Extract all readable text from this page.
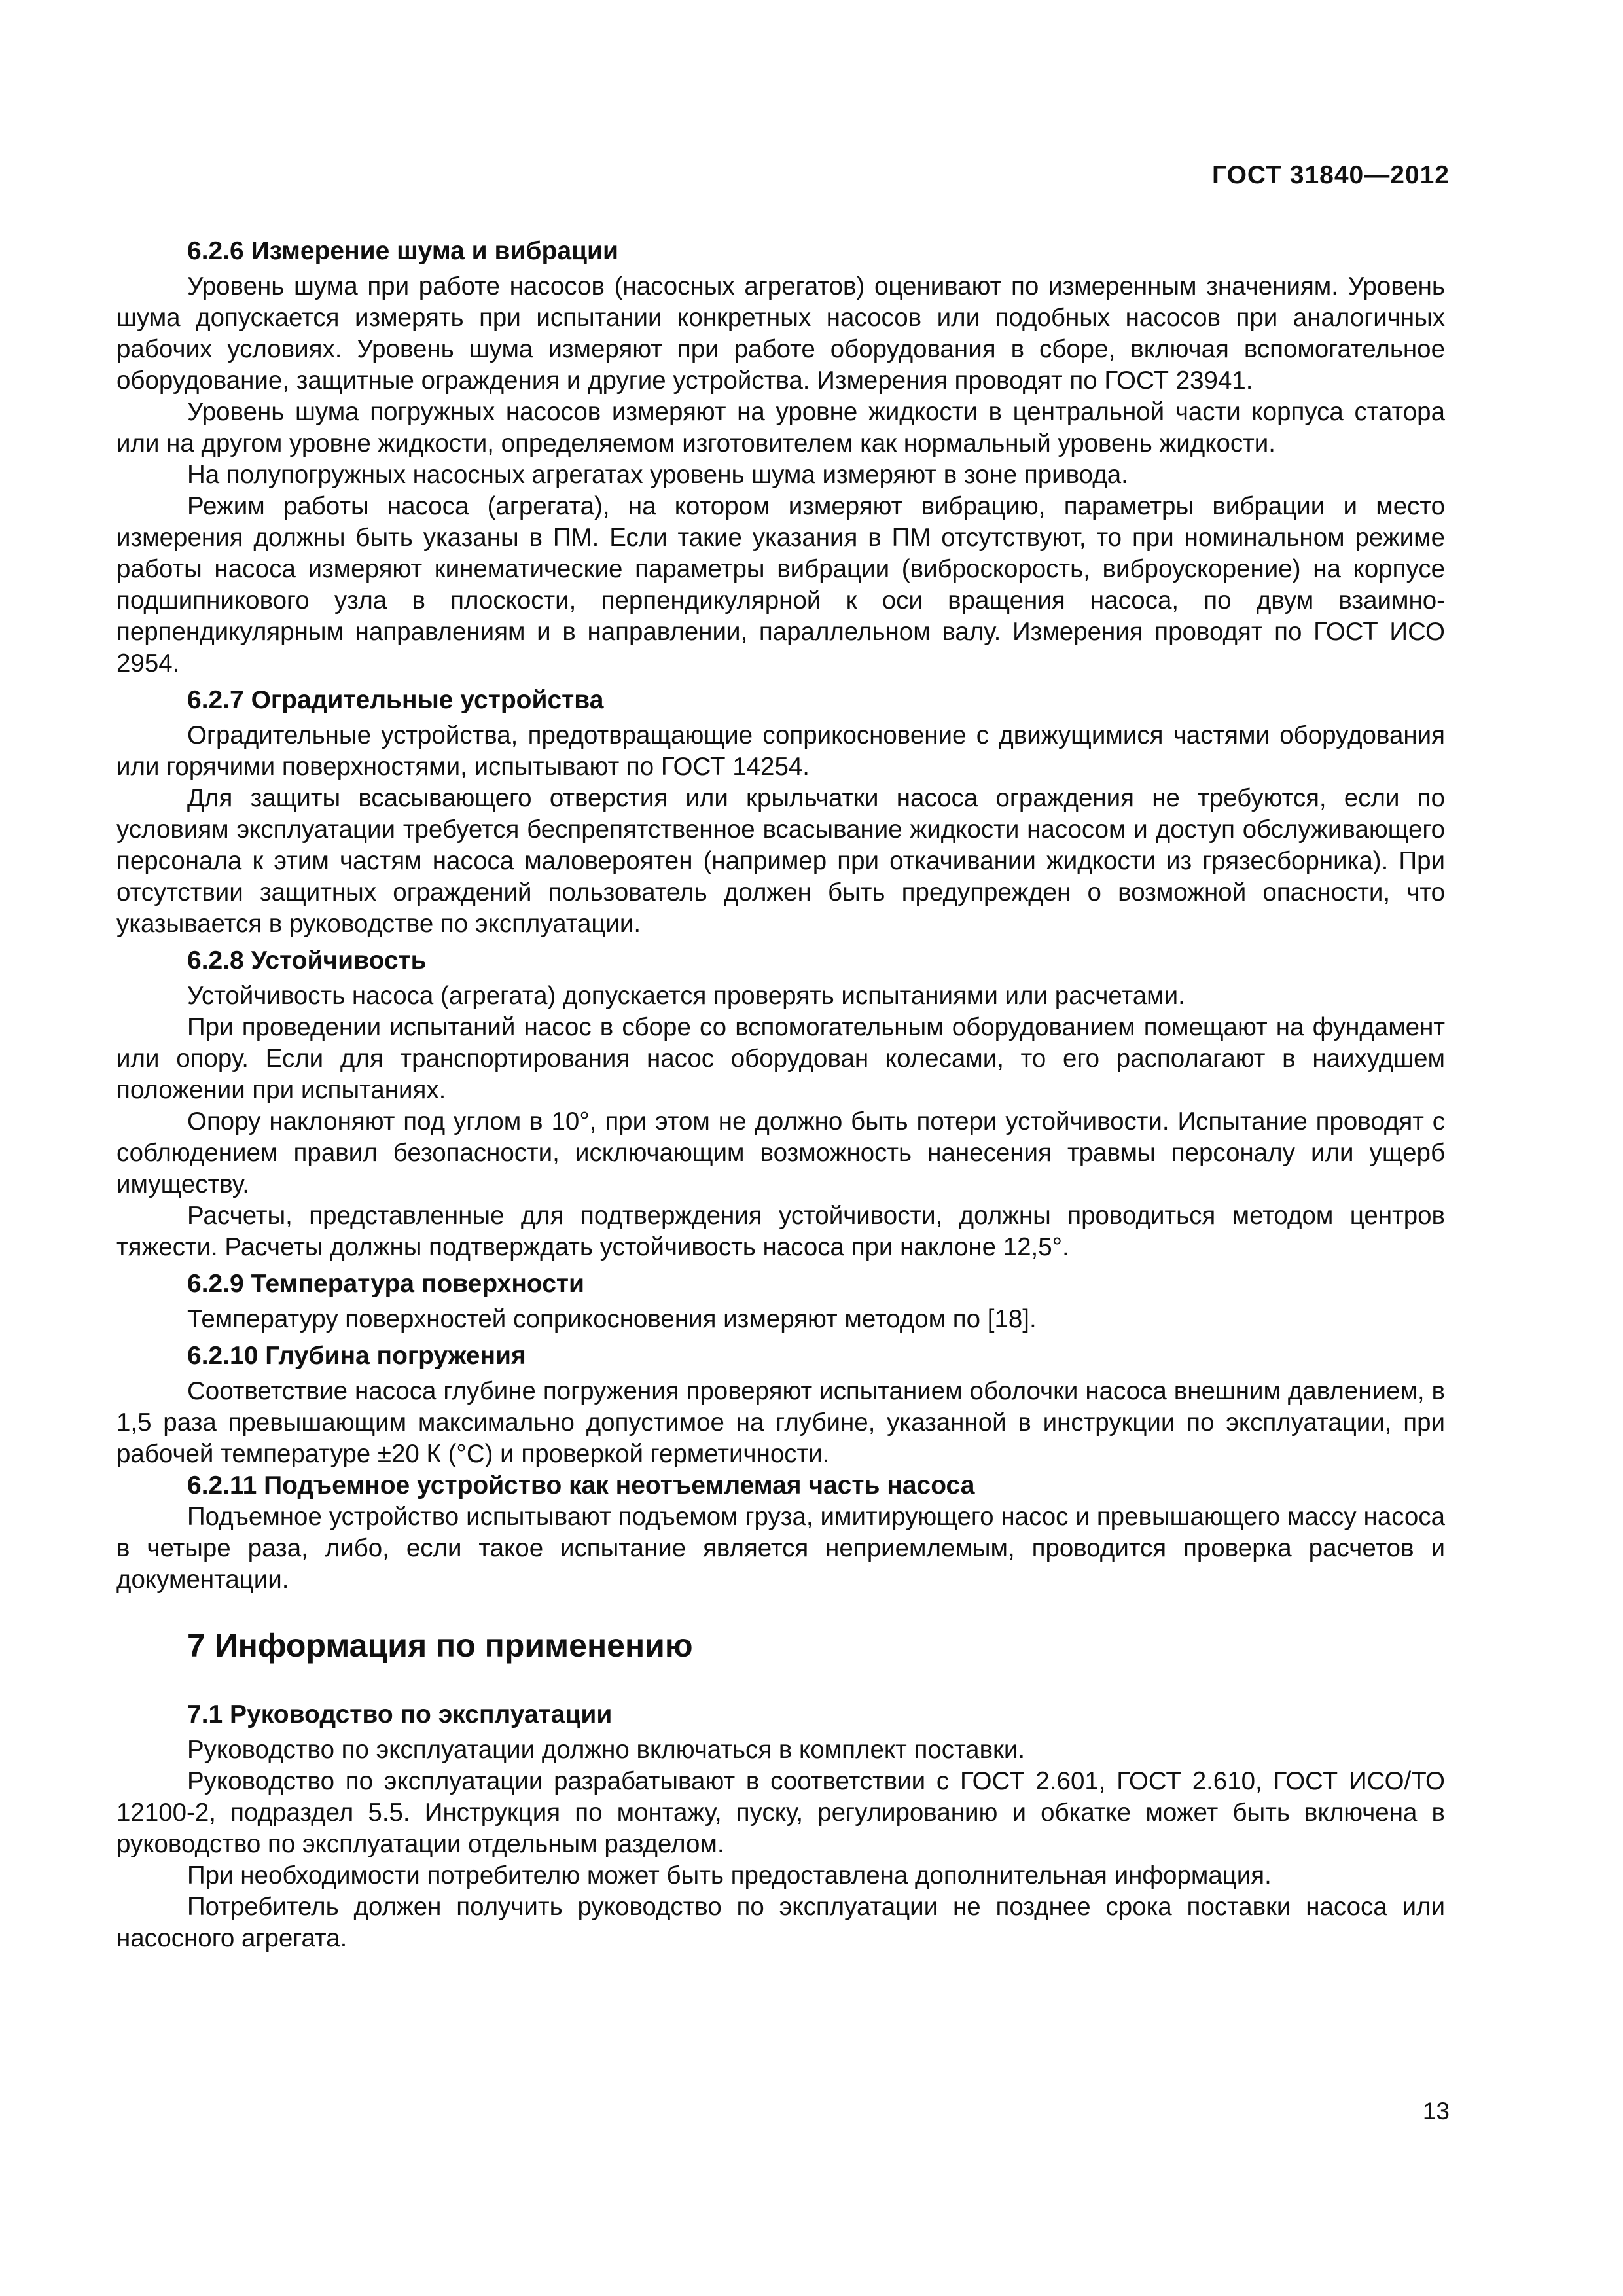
ГОСТ 31840—2012
6.2.6 Измерение шума и вибрации
Уровень шума при работе насосов (насосных агрегатов) оценивают по измеренным значениям. Уровень шума допускается измерять при испытании конкретных насосов или подобных насосов при аналогичных рабочих условиях. Уровень шума измеряют при работе оборудования в сборе, включая вспомогательное оборудование, защитные ограждения и другие устройства. Измерения проводят по ГОСТ 23941.
Уровень шума погружных насосов измеряют на уровне жидкости в центральной части корпуса статора или на другом уровне жидкости, определяемом изготовителем как нормальный уровень жидкости.
На полупогружных насосных агрегатах уровень шума измеряют в зоне привода.
Режим работы насоса (агрегата), на котором измеряют вибрацию, параметры вибрации и место измерения должны быть указаны в ПМ. Если такие указания в ПМ отсутствуют, то при номинальном режиме работы насоса измеряют кинематические параметры вибрации (виброскорость, виброускорение) на корпусе подшипникового узла в плоскости, перпендикулярной к оси вращения насоса, по двум взаимно-перпендикулярным направлениям и в направлении, параллельном валу. Измерения проводят по ГОСТ ИСО 2954.
6.2.7 Оградительные устройства
Оградительные устройства, предотвращающие соприкосновение с движущимися частями оборудования или горячими поверхностями, испытывают по ГОСТ 14254.
Для защиты всасывающего отверстия или крыльчатки насоса ограждения не требуются, если по условиям эксплуатации требуется беспрепятственное всасывание жидкости насосом и доступ обслуживающего персонала к этим частям насоса маловероятен (например при откачивании жидкости из грязесборника). При отсутствии защитных ограждений пользователь должен быть предупрежден о возможной опасности, что указывается в руководстве по эксплуатации.
6.2.8 Устойчивость
Устойчивость насоса (агрегата) допускается проверять испытаниями или расчетами.
При проведении испытаний насос в сборе со вспомогательным оборудованием помещают на фундамент или опору. Если для транспортирования насос оборудован колесами, то его располагают в наихудшем положении при испытаниях.
Опору наклоняют под углом в 10°, при этом не должно быть потери устойчивости. Испытание проводят с соблюдением правил безопасности, исключающим возможность нанесения травмы персоналу или ущерб имуществу.
Расчеты, представленные для подтверждения устойчивости, должны проводиться методом центров тяжести. Расчеты должны подтверждать устойчивость насоса при наклоне 12,5°.
6.2.9 Температура поверхности
Температуру поверхностей соприкосновения измеряют методом по [18].
6.2.10 Глубина погружения
Соответствие насоса глубине погружения проверяют испытанием оболочки насоса внешним давлением, в 1,5 раза превышающим максимально допустимое на глубине, указанной в инструкции по эксплуатации, при рабочей температуре ±20 К (°С) и проверкой герметичности.
6.2.11 Подъемное устройство как неотъемлемая часть насоса
Подъемное устройство испытывают подъемом груза, имитирующего насос и превышающего массу насоса в четыре раза, либо, если такое испытание является неприемлемым, проводится проверка расчетов и документации.
7 Информация по применению
7.1 Руководство по эксплуатации
Руководство по эксплуатации должно включаться в комплект поставки.
Руководство по эксплуатации разрабатывают в соответствии с ГОСТ 2.601, ГОСТ 2.610, ГОСТ ИСО/ТО 12100-2, подраздел 5.5. Инструкция по монтажу, пуску, регулированию и обкатке может быть включена в руководство по эксплуатации отдельным разделом.
При необходимости потребителю может быть предоставлена дополнительная информация.
Потребитель должен получить руководство по эксплуатации не позднее срока поставки насоса или насосного агрегата.
13
